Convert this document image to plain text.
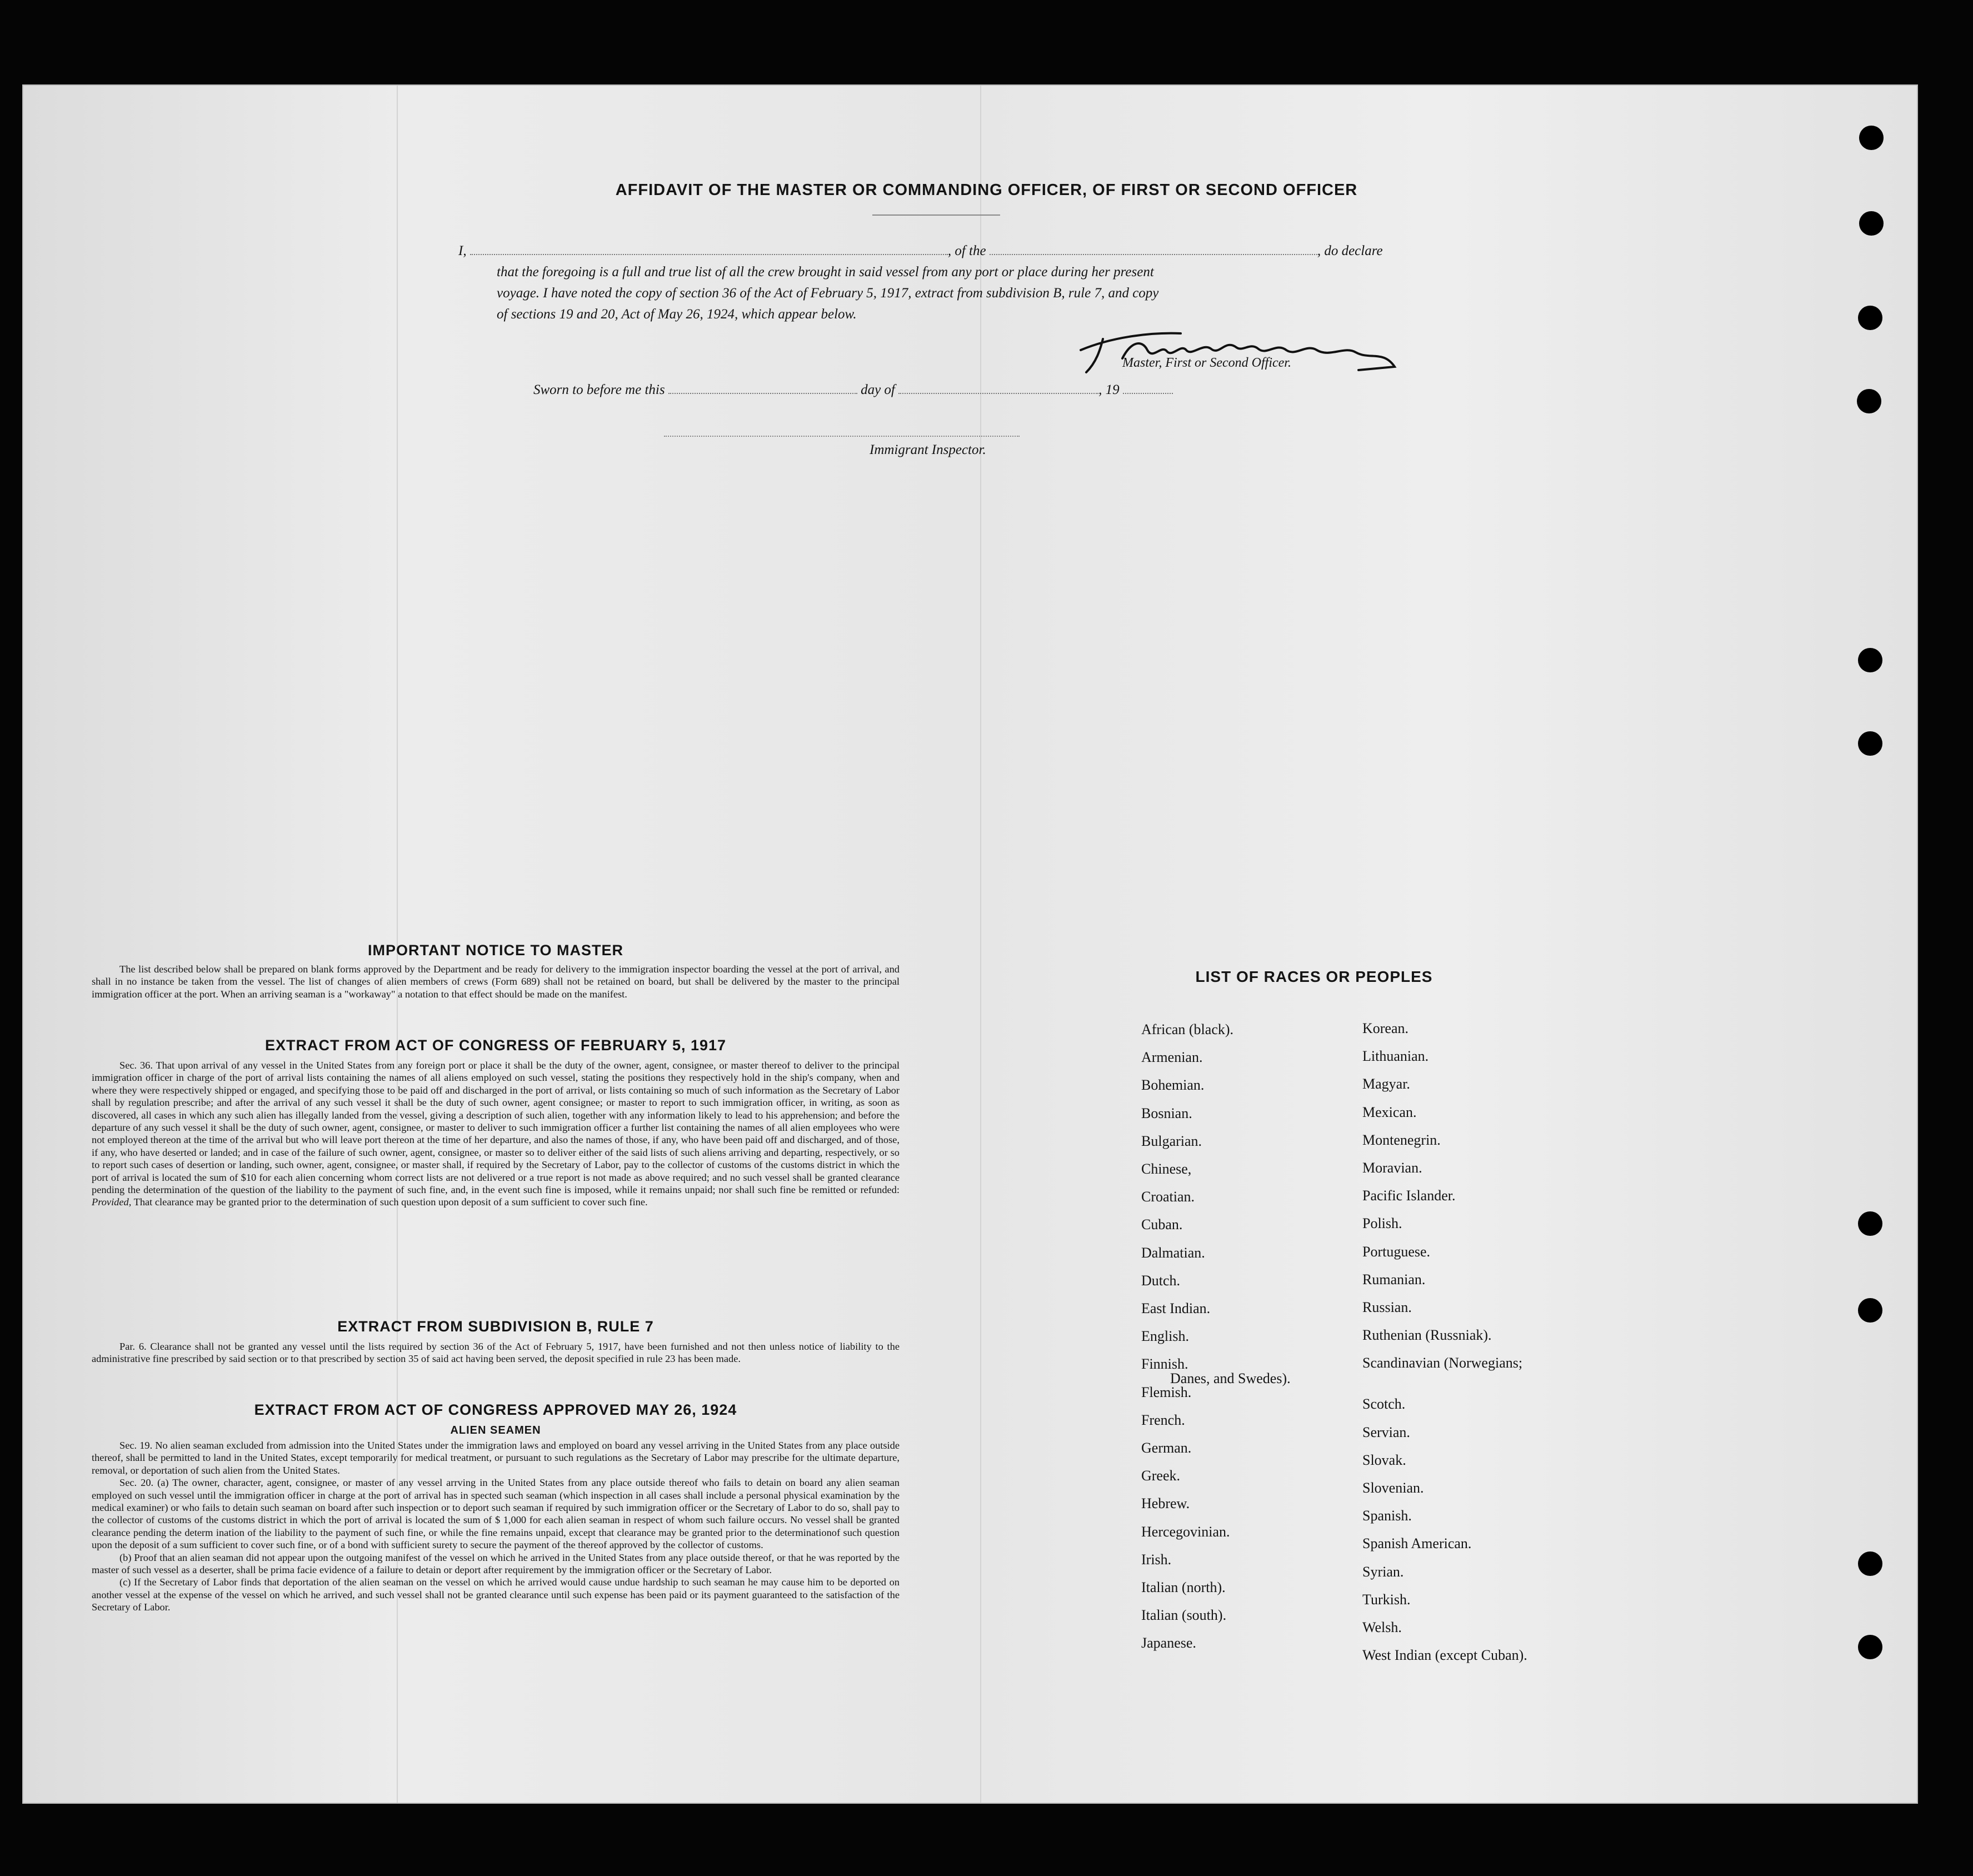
AFFIDAVIT OF THE MASTER OR COMMANDING OFFICER, OF FIRST OR SECOND OFFICER
I,	, of the	, do declare
that the foregoing is a full and true list of all the crew brought in said vessel from any port or place during her present
voyage. I have noted the copy of section 36 of the Act of February 5, 1917, extract from subdivision B, rule 7, and copy
of sections 19 and 20, Act of May 26, 1924, which appear below.
Master, First or Second Officer.
Sworn to before me this	day of	, 19
Immigrant Inspector.
IMPORTANT NOTICE TO MASTER

The list described below shall be prepared on blank forms approved by the Department and be ready for delivery to the immigration inspector boarding the vessel at the port of arrival, and shall in no instance be taken from the vessel. The list of changes of alien members of crews (Form 689) shall not be retained on board, but shall be delivered by the master to the principal immigration officer at the port. When an arriving seaman is a "workaway" a notation to that effect should be made on the manifest.

EXTRACT FROM ACT OF CONGRESS OF FEBRUARY 5, 1917

Sec. 36. That upon arrival of any vessel in the United States from any foreign port or place it shall be the duty of the owner, agent, consignee, or master thereof to deliver to the principal immigration officer in charge of the port of arrival lists containing the names of all aliens employed on such vessel, stating the positions they respectively hold in the ship's company, when and where they were respectively shipped or engaged, and specifying those to be paid off and discharged in the port of arrival, or lists containing so much of such information as the Secretary of Labor shall by regulation prescribe; and after the arrival of any such vessel it shall be the duty of such owner, agent consignee; or master to report to such immigration officer, in writing, as soon as discovered, all cases in which any such alien has illegally landed from the vessel, giving a description of such alien, together with any information likely to lead to his apprehension; and before the departure of any such vessel it shall be the duty of such owner, agent, consignee, or master to deliver to such immigration officer a further list containing the names of all alien employees who were not employed thereon at the time of the arrival but who will leave port thereon at the time of her departure, and also the names of those, if any, who have been paid off and discharged, and of those, if any, who have deserted or landed; and in case of the failure of such owner, agent, consignee, or master so to deliver either of the said lists of such aliens arriving and departing, respectively, or so to report such cases of desertion or landing, such owner, agent, consignee, or master shall, if required by the Secretary of Labor, pay to the collector of customs of the customs district in which the port of arrival is located the sum of $10 for each alien concerning whom correct lists are not delivered or a true report is not made as above required; and no such vessel shall be granted clearance pending the determination of the question of the liability to the payment of such fine, and, in the event such fine is imposed, while it remains unpaid; nor shall such fine be remitted or refunded: Provided, That clearance may be granted prior to the determination of such question upon deposit of a sum sufficient to cover such fine.

EXTRACT FROM SUBDIVISION B, RULE 7

Par. 6. Clearance shall not be granted any vessel until the lists required by section 36 of the Act of February 5, 1917, have been furnished and not then unless notice of liability to the administrative fine prescribed by said section or to that prescribed by section 35 of said act having been served, the deposit specified in rule 23 has been made.

EXTRACT FROM ACT OF CONGRESS APPROVED MAY 26, 1924
ALIEN SEAMEN

Sec. 19. No alien seaman excluded from admission into the United States under the immigration laws and employed on board any vessel arriving in the United States from any place outside thereof, shall be permitted to land in the United States, except temporarily for medical treatment, or pursuant to such regulations as the Secretary of Labor may prescribe for the ultimate departure, removal, or deportation of such alien from the United States.

Sec. 20. (a) The owner, character, agent, consignee, or master of any vessel arrving in the United States from any place outside thereof who fails to detain on board any alien seaman employed on such vessel until the immigration officer in charge at the port of arrival has in spected such seaman (which inspection in all cases shall include a personal physical examination by the medical examiner) or who fails to detain such seaman on board after such inspection or to deport such seaman if required by such immigration officer or the Secretary of Labor to do so, shall pay to the collector of customs of the customs district in which the port of arrival is located the sum of $ 1,000 for each alien seaman in respect of whom such failure occurs. No vessel shall be granted clearance pending the determ ination of the liability to the payment of such fine, or while the fine remains unpaid, except that clearance may be granted prior to the determinationof such question upon the deposit of a sum sufficient to cover such fine, or of a bond with sufficient surety to secure the payment of the thereof approved by the collector of customs.

(b) Proof that an alien seaman did not appear upon the outgoing manifest of the vessel on which he arrived in the United States from any place outside thereof, or that he was reported by the master of such vessel as a deserter, shall be prima facie evidence of a failure to detain or deport after requirement by the immigration officer or the Secretary of Labor.

(c) If the Secretary of Labor finds that deportation of the alien seaman on the vessel on which he arrived would cause undue hardship to such seaman he may cause him to be deported on another vessel at the expense of the vessel on which he arrived, and such vessel shall not be granted clearance until such expense has been paid or its payment guaranteed to the satisfaction of the Secretary of Labor.

LIST OF RACES OR PEOPLES
African (black).
Armenian.
Bohemian.
Bosnian.
Bulgarian.
Chinese,
Croatian.
Cuban.
Dalmatian.
Dutch.
East Indian.
English.
Finnish.
Flemish.
French.
German.
Greek.
Hebrew.
Hercegovinian.
Irish.
Italian (north).
Italian (south).
Japanese.
Korean.
Lithuanian.
Magyar.
Mexican.
Montenegrin.
Moravian.
Pacific Islander.
Polish.
Portuguese.
Rumanian.
Russian.
Ruthenian (Russniak).
Scandinavian (Norwegians;
Danes, and Swedes).
Scotch.
Servian.
Slovak.
Slovenian.
Spanish.
Spanish American.
Syrian.
Turkish.
Welsh.
West Indian (except Cuban).
